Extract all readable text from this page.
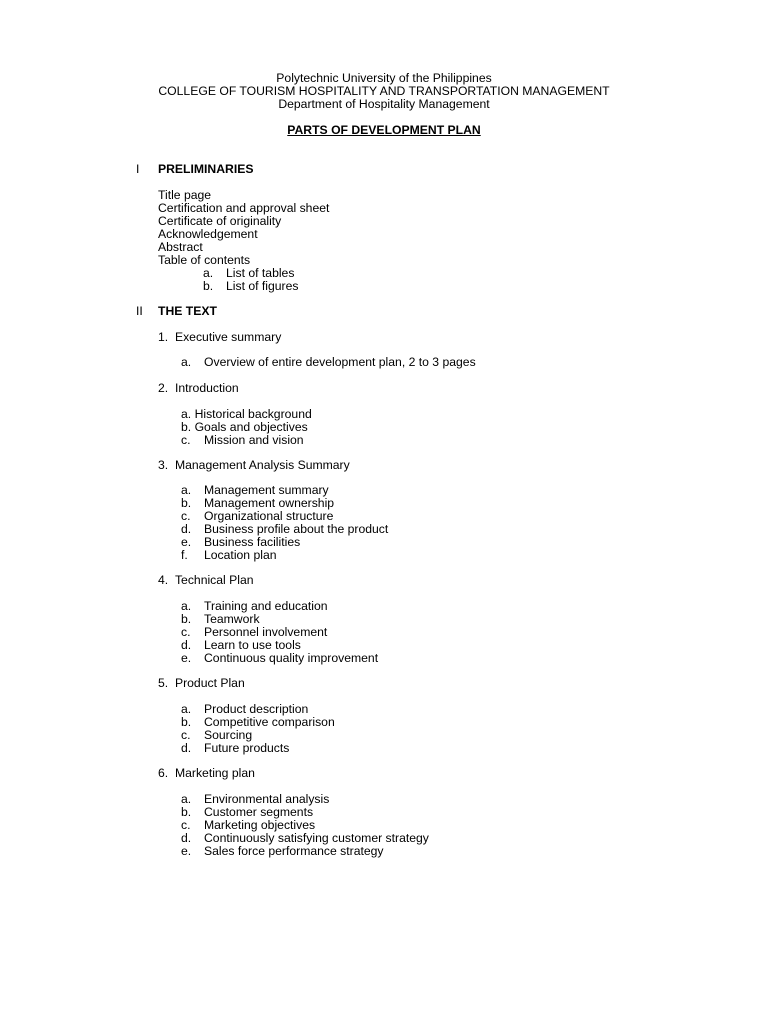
Polytechnic University of the Philippines
COLLEGE OF TOURISM HOSPITALITY AND TRANSPORTATION MANAGEMENT
Department of Hospitality Management
PARTS OF DEVELOPMENT PLAN
I PRELIMINARIES
Title page
Certification and approval sheet
Certificate of originality
Acknowledgement
Abstract
Table of contents
a. List of tables
b. List of figures
II THE TEXT
1. Executive summary
a. Overview of entire development plan, 2 to 3 pages
2. Introduction
a. Historical background
b. Goals and objectives
c. Mission and vision
3. Management Analysis Summary
a. Management summary
b. Management ownership
c. Organizational structure
d. Business profile about the product
e. Business facilities
f. Location plan
4. Technical Plan
a. Training and education
b. Teamwork
c. Personnel involvement
d. Learn to use tools
e. Continuous quality improvement
5. Product Plan
a. Product description
b. Competitive comparison
c. Sourcing
d. Future products
6. Marketing plan
a. Environmental analysis
b. Customer segments
c. Marketing objectives
d. Continuously satisfying customer strategy
e. Sales force performance strategy
